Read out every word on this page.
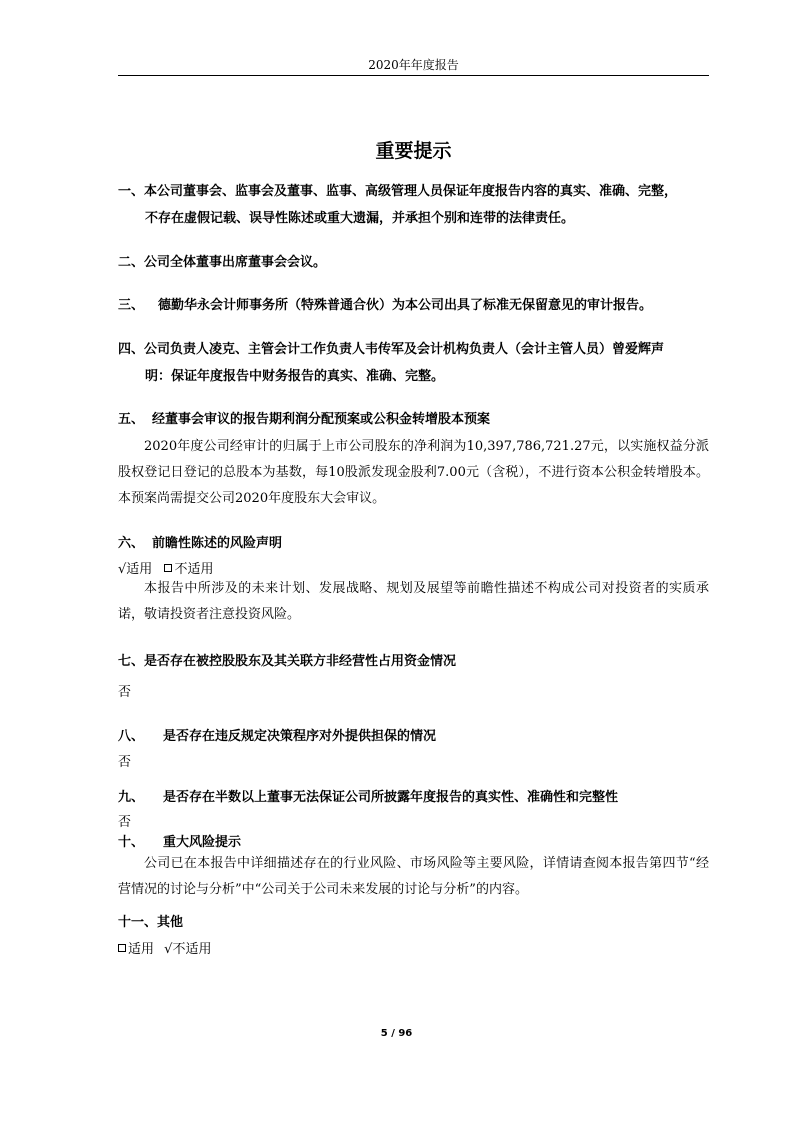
2020年年度报告
重要提示
一、本公司董事会、监事会及董事、监事、高级管理人员保证年度报告内容的真实、准确、完整，
不存在虚假记载、误导性陈述或重大遗漏，并承担个别和连带的法律责任。
二、公司全体董事出席董事会会议。
三、 德勤华永会计师事务所（特殊普通合伙）为本公司出具了标准无保留意见的审计报告。
四、公司负责人凌克、主管会计工作负责人韦传军及会计机构负责人（会计主管人员）曾爱辉声
明：保证年度报告中财务报告的真实、准确、完整。
五、 经董事会审议的报告期利润分配预案或公积金转增股本预案
2020年度公司经审计的归属于上市公司股东的净利润为10,397,786,721.27元，以实施权益分派股权登记日登记的总股本为基数，每10股派发现金股利7.00元（含税），不进行资本公积金转增股本。本预案尚需提交公司2020年度股东大会审议。
六、 前瞻性陈述的风险声明
√适用 不适用
本报告中所涉及的未来计划、发展战略、规划及展望等前瞻性描述不构成公司对投资者的实质承诺，敬请投资者注意投资风险。
七、是否存在被控股股东及其关联方非经营性占用资金情况
否
八、 是否存在违反规定决策程序对外提供担保的情况
否
九、 是否存在半数以上董事无法保证公司所披露年度报告的真实性、准确性和完整性
否
十、 重大风险提示
公司已在本报告中详细描述存在的行业风险、市场风险等主要风险，详情请查阅本报告第四节“经营情况的讨论与分析”中“公司关于公司未来发展的讨论与分析”的内容。
十一、其他
适用 √不适用
5 / 96
